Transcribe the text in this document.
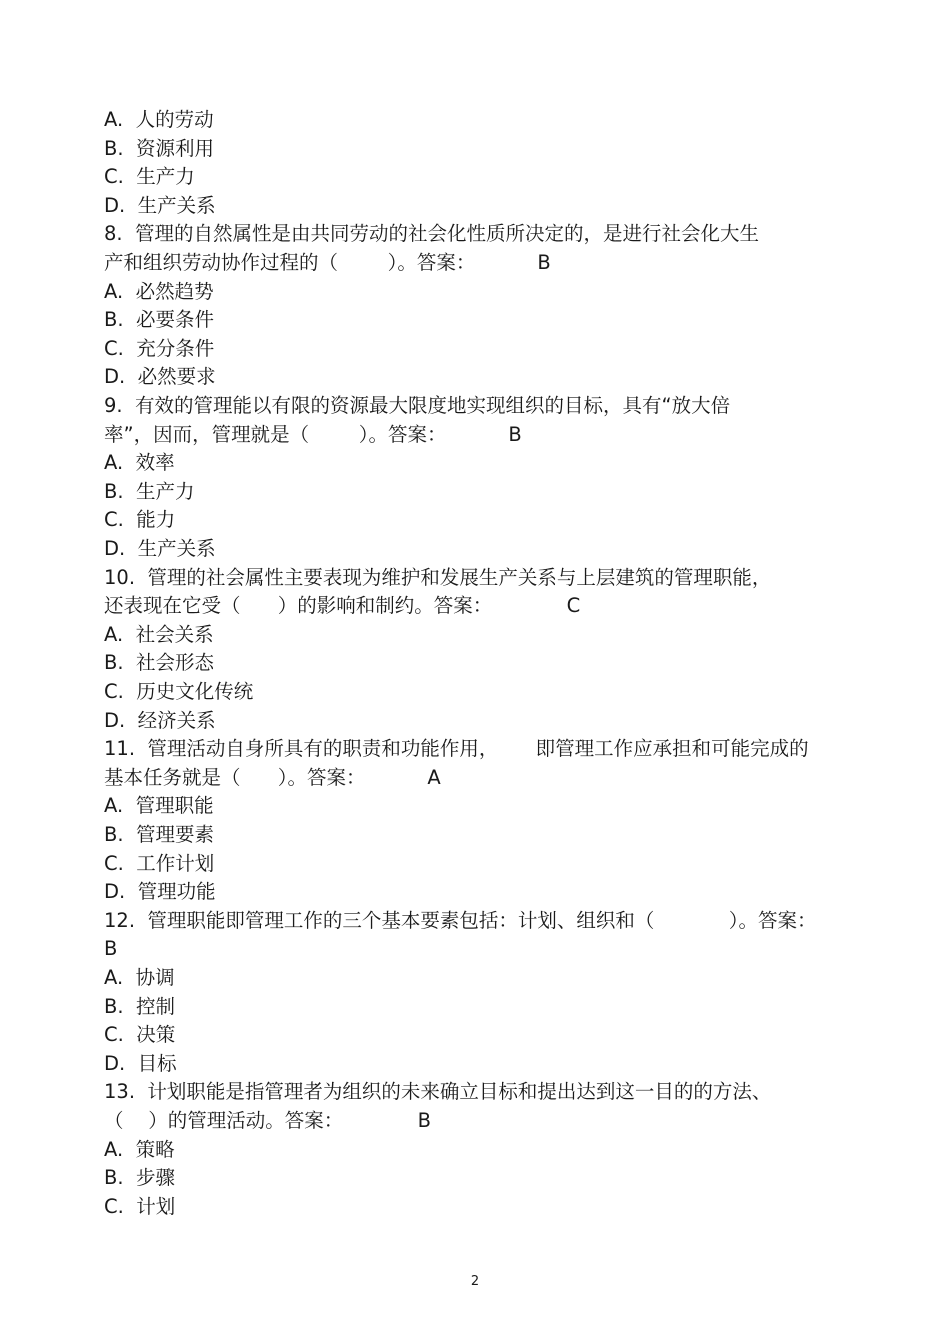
A.  人的劳动
B.  资源利用
C.  生产力
D.  生产关系
8.  管理的自然属性是由共同劳动的社会化性质所决定的，是进行社会化大生
产和组织劳动协作过程的（        ）。答案：          B
A.  必然趋势
B.  必要条件
C.  充分条件
D.  必然要求
9.  有效的管理能以有限的资源最大限度地实现组织的目标，具有“放大倍
率”，因而，管理就是（        ）。答案：          B
A.  效率
B.  生产力
C.  能力
D.  生产关系
10.  管理的社会属性主要表现为维护和发展生产关系与上层建筑的管理职能，
还表现在它受（      ）的影响和制约。答案：            C
A.  社会关系
B.  社会形态
C.  历史文化传统
D.  经济关系
11.  管理活动自身所具有的职责和功能作用，      即管理工作应承担和可能完成的
基本任务就是（      ）。答案：          A
A.  管理职能
B.  管理要素
C.  工作计划
D.  管理功能
12.  管理职能即管理工作的三个基本要素包括：计划、组织和（            ）。答案：
B
A.  协调
B.  控制
C.  决策
D.  目标
13.  计划职能是指管理者为组织的未来确立目标和提出达到这一目的的方法、
（    ）的管理活动。答案：            B
A.  策略
B.  步骤
C.  计划
2
